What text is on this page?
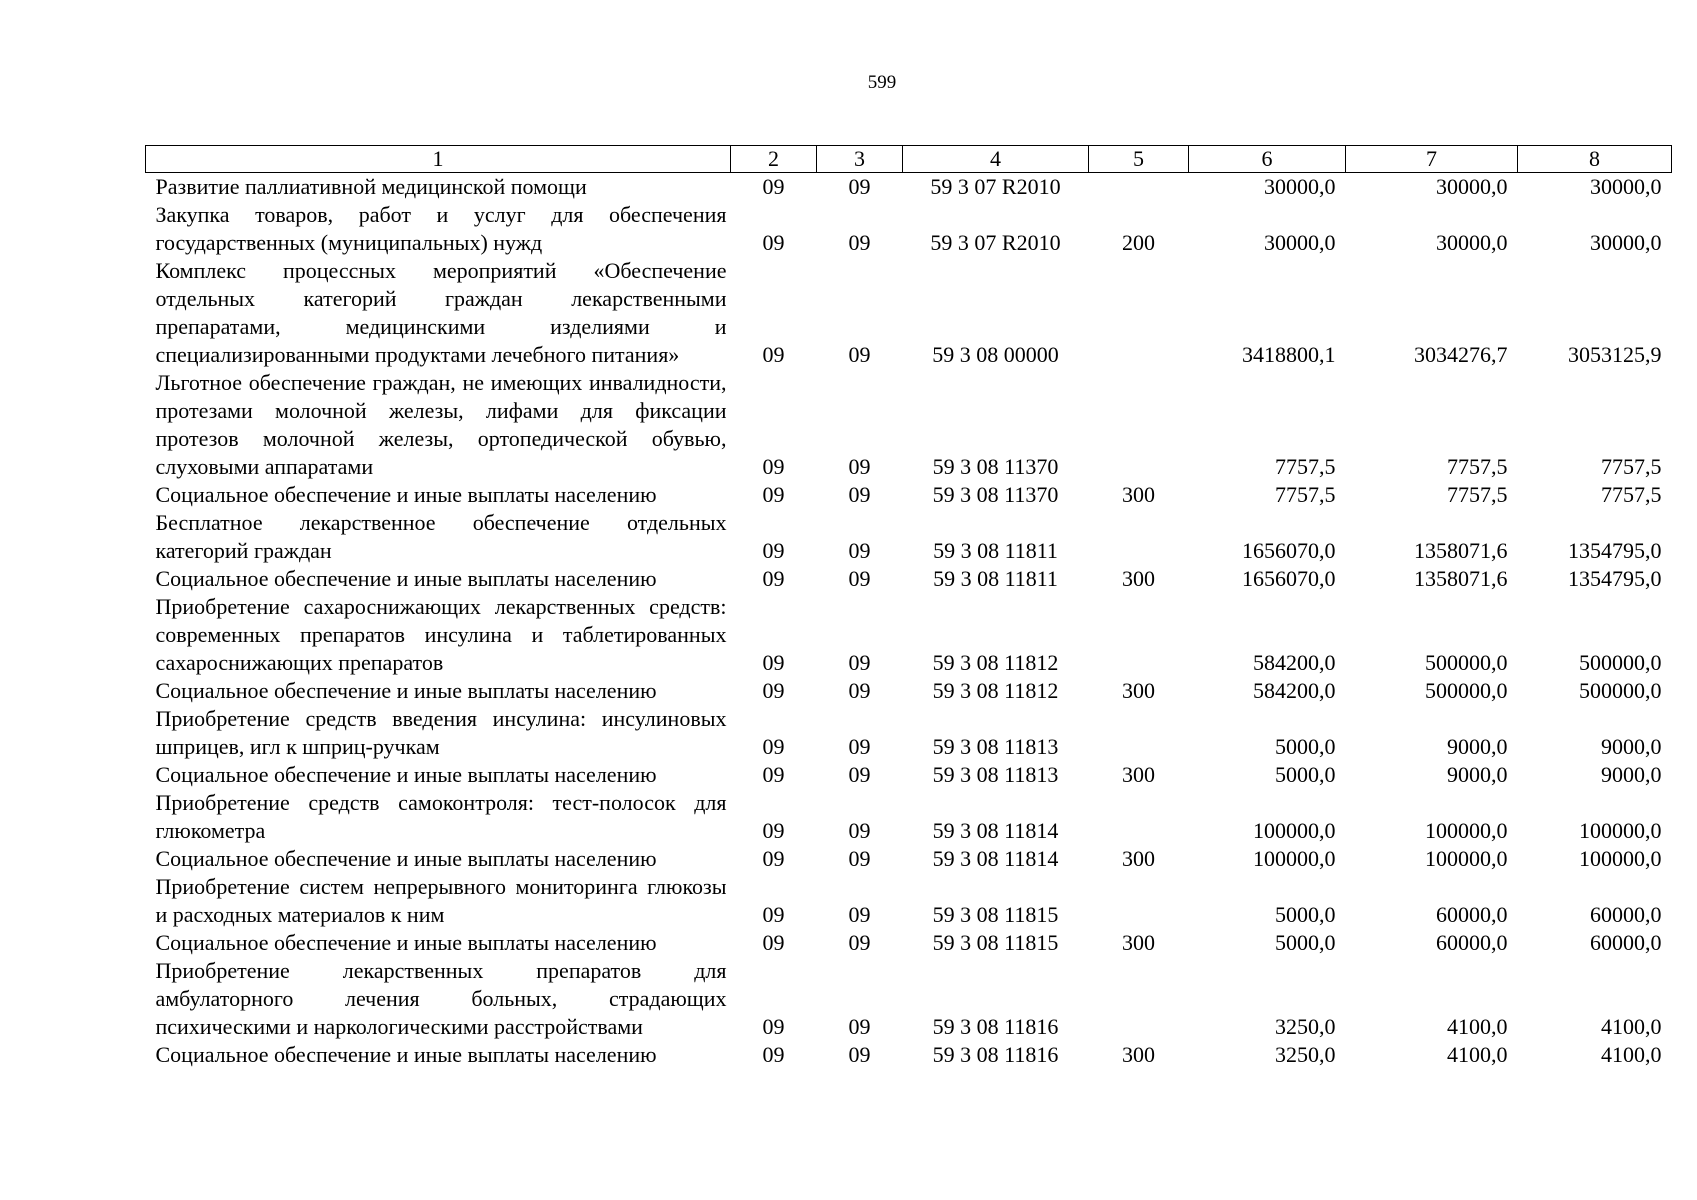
599
1	2	3	4	5	6	7	8
Развитие паллиативной медицинской помощи	09	09	59 3 07 R2010		30000,0	30000,0	30000,0
Закупка товаров, работ и услуг для обеспечения государственных (муниципальных) нужд	09	09	59 3 07 R2010	200	30000,0	30000,0	30000,0
Комплекс процессных мероприятий «Обеспечение отдельных категорий граждан лекарственными препаратами, медицинскими изделиями и специализированными продуктами лечебного питания»	09	09	59 3 08 00000		3418800,1	3034276,7	3053125,9
Льготное обеспечение граждан, не имеющих инвалидности, протезами молочной железы, лифами для фиксации протезов молочной железы, ортопедической обувью, слуховыми аппаратами	09	09	59 3 08 11370		7757,5	7757,5	7757,5
Социальное обеспечение и иные выплаты населению	09	09	59 3 08 11370	300	7757,5	7757,5	7757,5
Бесплатное лекарственное обеспечение отдельных категорий граждан	09	09	59 3 08 11811		1656070,0	1358071,6	1354795,0
Социальное обеспечение и иные выплаты населению	09	09	59 3 08 11811	300	1656070,0	1358071,6	1354795,0
Приобретение сахароснижающих лекарственных средств: современных препаратов инсулина и таблетированных сахароснижающих препаратов	09	09	59 3 08 11812		584200,0	500000,0	500000,0
Социальное обеспечение и иные выплаты населению	09	09	59 3 08 11812	300	584200,0	500000,0	500000,0
Приобретение средств введения инсулина: инсулиновых шприцев, игл к шприц-ручкам	09	09	59 3 08 11813		5000,0	9000,0	9000,0
Социальное обеспечение и иные выплаты населению	09	09	59 3 08 11813	300	5000,0	9000,0	9000,0
Приобретение средств самоконтроля: тест-полосок для глюкометра	09	09	59 3 08 11814		100000,0	100000,0	100000,0
Социальное обеспечение и иные выплаты населению	09	09	59 3 08 11814	300	100000,0	100000,0	100000,0
Приобретение систем непрерывного мониторинга глюкозы и расходных материалов к ним	09	09	59 3 08 11815		5000,0	60000,0	60000,0
Социальное обеспечение и иные выплаты населению	09	09	59 3 08 11815	300	5000,0	60000,0	60000,0
Приобретение лекарственных препаратов для амбулаторного лечения больных, страдающих психическими и наркологическими расстройствами	09	09	59 3 08 11816		3250,0	4100,0	4100,0
Социальное обеспечение и иные выплаты населению	09	09	59 3 08 11816	300	3250,0	4100,0	4100,0
